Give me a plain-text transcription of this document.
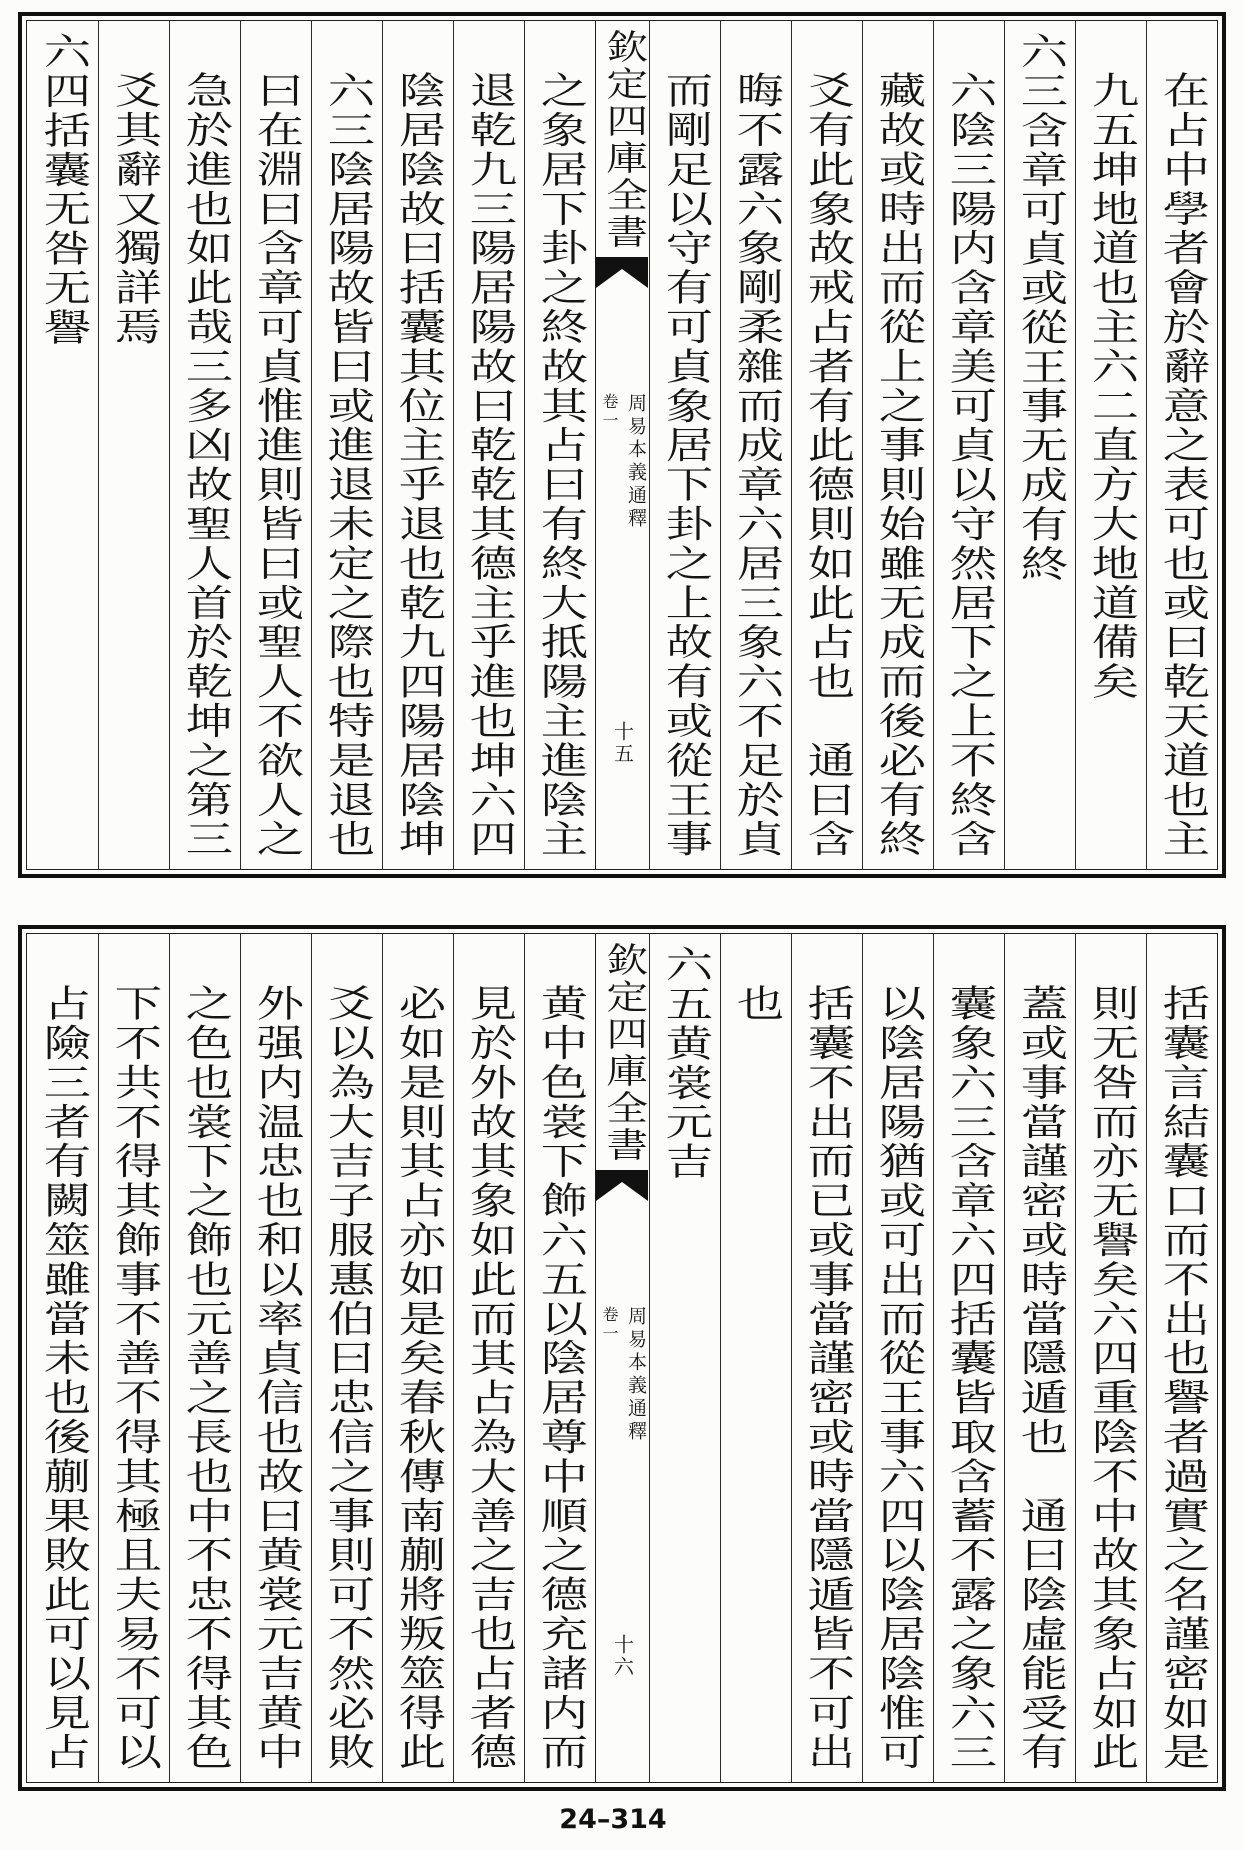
在占中學者會於辭意之表可也或曰乾天道也主
九五坤地道也主六二直方大地道備矣
六三含章可貞或從王事无成有終
六陰三陽内含章美可貞以守然居下之上不終含
藏故或時出而從上之事則始雖无成而後必有終
爻有此象故戒占者有此德則如此占也　通曰含
晦不露六象剛柔雜而成章六居三象六不足於貞
而剛足以守有可貞象居下卦之上故有或從王事
欽定四庫全書
周易本義通釋
卷一
十五
之象居下卦之終故其占曰有終大抵陽主進陰主
退乾九三陽居陽故曰乾乾其德主乎進也坤六四
陰居陰故曰括囊其位主乎退也乾九四陽居陰坤
六三陰居陽故皆曰或進退未定之際也特是退也
曰在淵曰含章可貞惟進則皆曰或聖人不欲人之
急於進也如此哉三多凶故聖人首於乾坤之第三
爻其辭又獨詳焉
六四括囊无咎无譽
括囊言結囊口而不出也譽者過實之名謹密如是
則无咎而亦无譽矣六四重陰不中故其象占如此
蓋或事當謹密或時當隱遁也　通曰陰虛能受有
囊象六三含章六四括囊皆取含蓄不露之象六三
以陰居陽猶或可出而從王事六四以陰居陰惟可
括囊不出而已或事當謹密或時當隱遁皆不可出
也
六五黄裳元吉
欽定四庫全書
周易本義通釋
卷一
十六
黄中色裳下飾六五以陰居尊中順之德充諸内而
見於外故其象如此而其占為大善之吉也占者德
必如是則其占亦如是矣春秋傳南蒯將叛筮得此
爻以為大吉子服惠伯曰忠信之事則可不然必敗
外强内温忠也和以率貞信也故曰黄裳元吉黄中
之色也裳下之飾也元善之長也中不忠不得其色
下不共不得其飾事不善不得其極且夫易不可以
占險三者有闕筮雖當未也後蒯果敗此可以見占
24–314
